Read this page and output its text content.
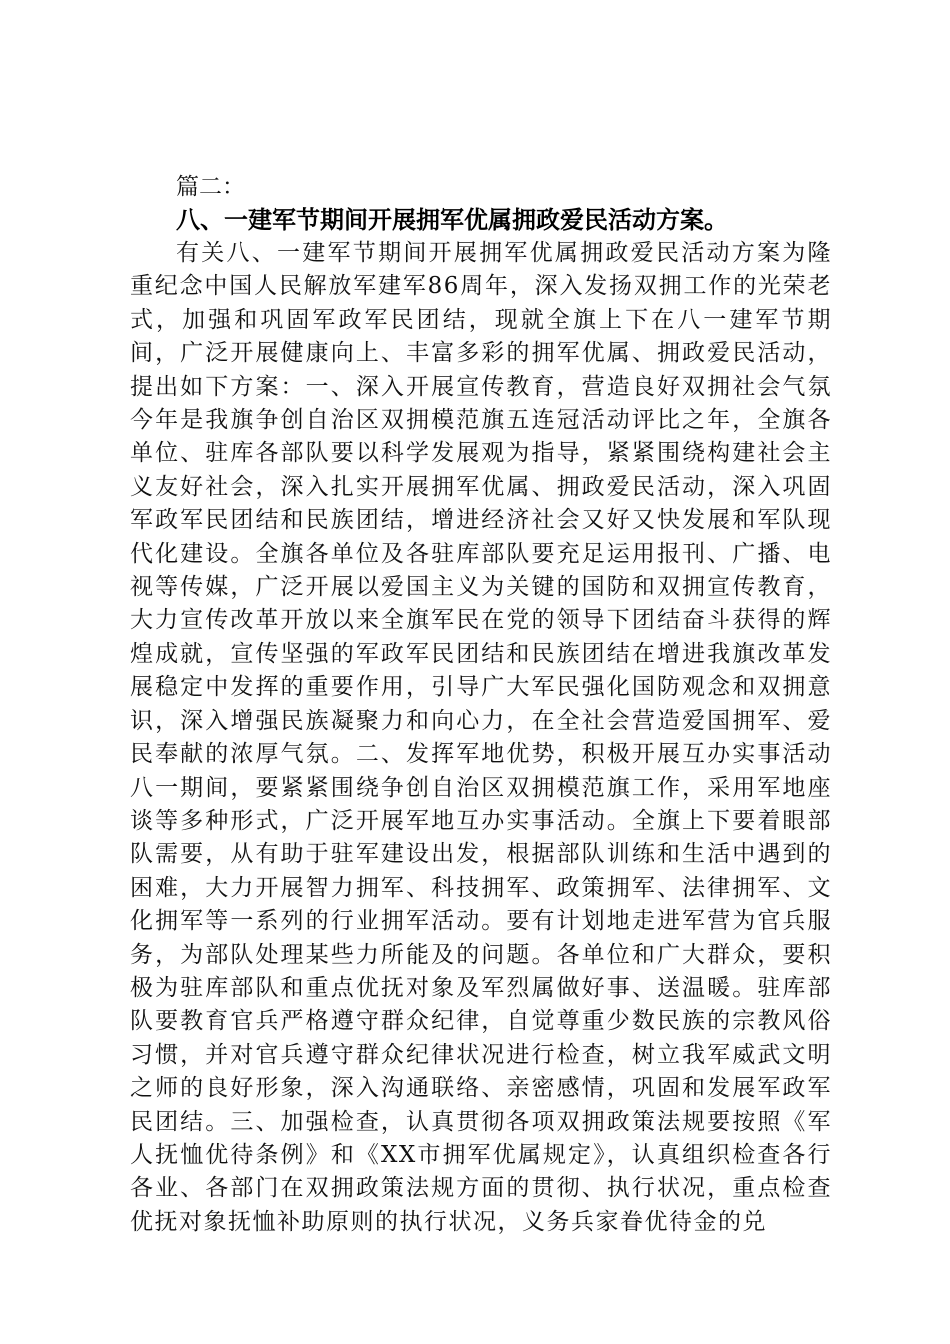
篇二：

八、一建军节期间开展拥军优属拥政爱民活动方案。

有关八、一建军节期间开展拥军优属拥政爱民活动方案为隆重纪念中国人民解放军建军86周年，深入发扬双拥工作的光荣老式，加强和巩固军政军民团结，现就全旗上下在八一建军节期间，广泛开展健康向上、丰富多彩的拥军优属、拥政爱民活动，提出如下方案：一、深入开展宣传教育，营造良好双拥社会气氛今年是我旗争创自治区双拥模范旗五连冠活动评比之年，全旗各单位、驻库各部队要以科学发展观为指导，紧紧围绕构建社会主义友好社会，深入扎实开展拥军优属、拥政爱民活动，深入巩固军政军民团结和民族团结，增进经济社会又好又快发展和军队现代化建设。全旗各单位及各驻库部队要充足运用报刊、广播、电视等传媒，广泛开展以爱国主义为关键的国防和双拥宣传教育，大力宣传改革开放以来全旗军民在党的领导下团结奋斗获得的辉煌成就，宣传坚强的军政军民团结和民族团结在增进我旗改革发展稳定中发挥的重要作用，引导广大军民强化国防观念和双拥意识，深入增强民族凝聚力和向心力，在全社会营造爱国拥军、爱民奉献的浓厚气氛。二、发挥军地优势，积极开展互办实事活动八一期间，要紧紧围绕争创自治区双拥模范旗工作，采用军地座谈等多种形式，广泛开展军地互办实事活动。全旗上下要着眼部队需要，从有助于驻军建设出发，根据部队训练和生活中遇到的困难，大力开展智力拥军、科技拥军、政策拥军、法律拥军、文化拥军等一系列的行业拥军活动。要有计划地走进军营为官兵服务，为部队处理某些力所能及的问题。各单位和广大群众，要积极为驻库部队和重点优抚对象及军烈属做好事、送温暖。驻库部队要教育官兵严格遵守群众纪律，自觉尊重少数民族的宗教风俗习惯，并对官兵遵守群众纪律状况进行检查，树立我军威武文明之师的良好形象，深入沟通联络、亲密感情，巩固和发展军政军民团结。三、加强检查，认真贯彻各项双拥政策法规要按照《军人抚恤优待条例》和《XX市拥军优属规定》，认真组织检查各行各业、各部门在双拥政策法规方面的贯彻、执行状况，重点检查优抚对象抚恤补助原则的执行状况，义务兵家眷优待金的兑
